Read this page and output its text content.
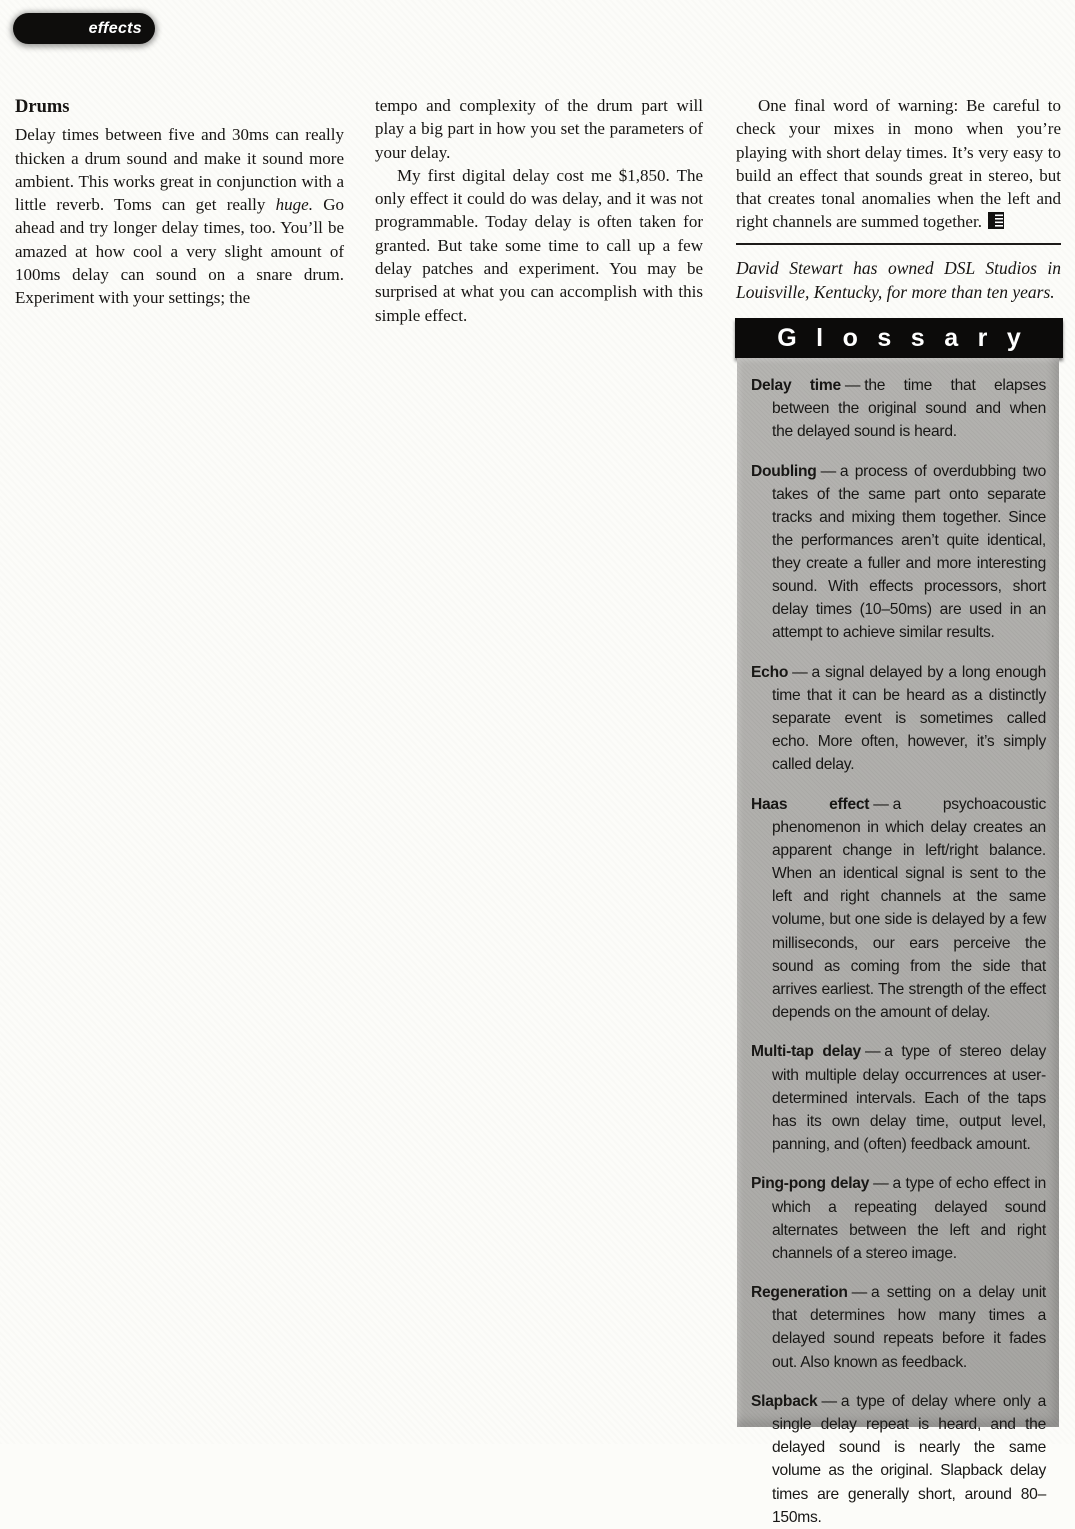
effects
Drums

Delay times between five and 30ms can really thicken a drum sound and make it sound more ambient. This works great in conjunction with a little reverb. Toms can get really huge. Go ahead and try longer delay times, too. You’ll be amazed at how cool a very slight amount of 100ms delay can sound on a snare drum. Experiment with your settings; the

tempo and complexity of the drum part will play a big part in how you set the parameters of your delay.

My first digital delay cost me $1,850. The only effect it could do was delay, and it was not programmable. Today delay is often taken for granted. But take some time to call up a few delay patches and experiment. You may be surprised at what you can accomplish with this simple effect.

One final word of warning: Be careful to check your mixes in mono when you’re playing with short delay times. It’s very easy to build an effect that sounds great in stereo, but that creates tonal anomalies when the left and right channels are summed together.

David Stewart has owned DSL Studios in Louisville, Kentucky, for more than ten years.
Glossary
Delay time — the time that elapses between the original sound and when the delayed sound is heard.
Doubling — a process of overdubbing two takes of the same part onto separate tracks and mixing them together. Since the performances aren’t quite identical, they create a fuller and more interesting sound. With effects processors, short delay times (10–50ms) are used in an attempt to achieve similar results.
Echo — a signal delayed by a long enough time that it can be heard as a distinctly separate event is sometimes called echo. More often, however, it’s simply called delay.
Haas effect — a psychoacoustic phenomenon in which delay creates an apparent change in left/right balance. When an identical signal is sent to the left and right channels at the same volume, but one side is delayed by a few milliseconds, our ears perceive the sound as coming from the side that arrives earliest. The strength of the effect depends on the amount of delay.
Multi-tap delay — a type of stereo delay with multiple delay occurrences at user-determined intervals. Each of the taps has its own delay time, output level, panning, and (often) feedback amount.
Ping-pong delay — a type of echo effect in which a repeating delayed sound alternates between the left and right channels of a stereo image.
Regeneration — a setting on a delay unit that determines how many times a delayed sound repeats before it fades out. Also known as feedback.
Slapback — a type of delay where only a single delay repeat is heard, and the delayed sound is nearly the same volume as the original. Slapback delay times are generally short, around 80–150ms.
